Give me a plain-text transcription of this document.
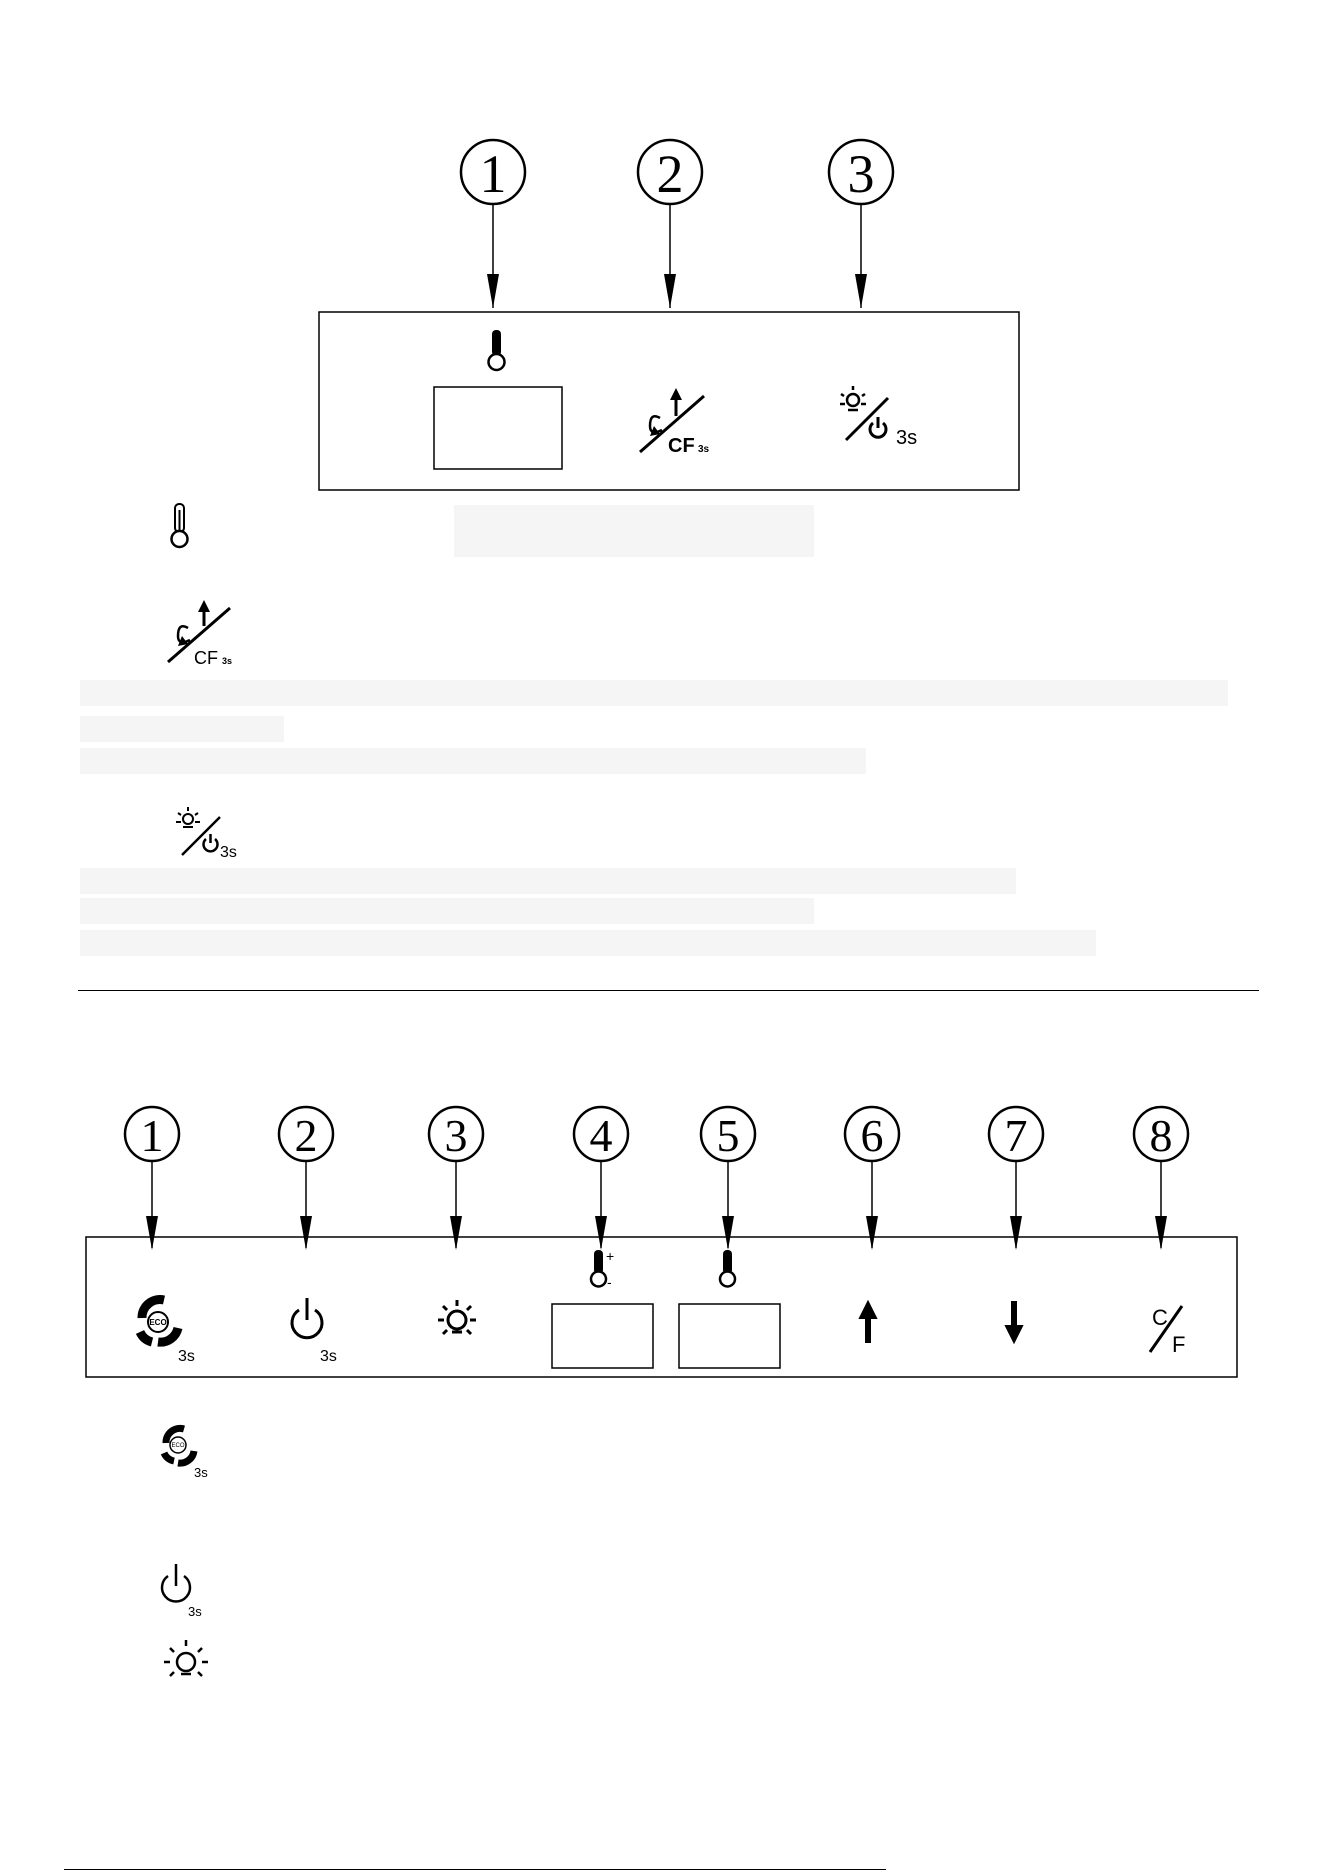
1	2	3
CF 3s
3s
CF 3s
3s
1	2	3	4 5	6	7	8
ECO
3s	3s
+
-
C
F
ECO
3s
3s
